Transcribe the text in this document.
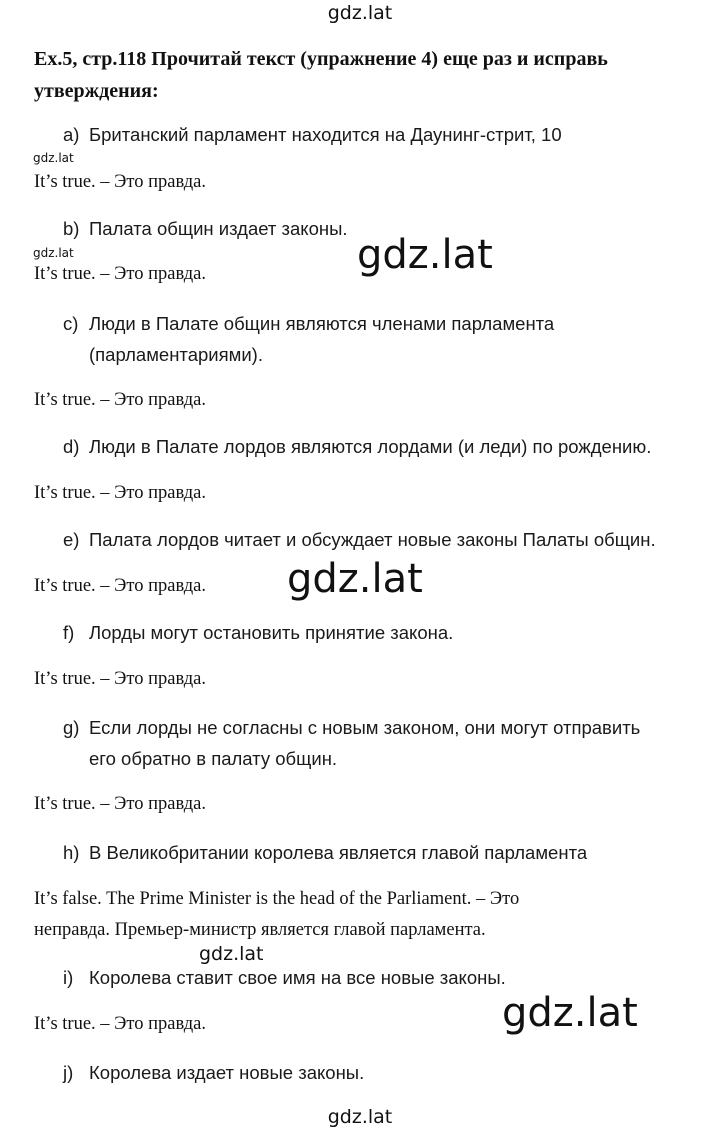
gdz.lat
Ex.5, стр.118 Прочитай текст (упражнение 4) еще раз и исправь утверждения:
a) Британский парламент находится на Даунинг-стрит, 10
gdz.lat
It’s true. – Это правда.
b) Палата общин издает законы.
gdz.lat
It’s true. – Это правда.	gdz.lat
c) Люди в Палате общин являются членами парламента
(парламентариями).
It’s true. – Это правда.
d) Люди в Палате лордов являются лордами (и леди) по рождению.
It’s true. – Это правда.
e) Палата лордов читает и обсуждает новые законы Палаты общин.
It’s true. – Это правда.	gdz.lat
f) Лорды могут остановить принятие закона.
It’s true. – Это правда.
g) Если лорды не согласны с новым законом, они могут отправить
его обратно в палату общин.
It’s true. – Это правда.
h) В Великобритании королева является главой парламента
It’s false. The Prime Minister is the head of the Parliament. – Это
неправда. Премьер-министр является главой парламента.
gdz.lat
i) Королева ставит свое имя на все новые законы.
It’s true. – Это правда.	gdz.lat
j) Королева издает новые законы.
gdz.lat
